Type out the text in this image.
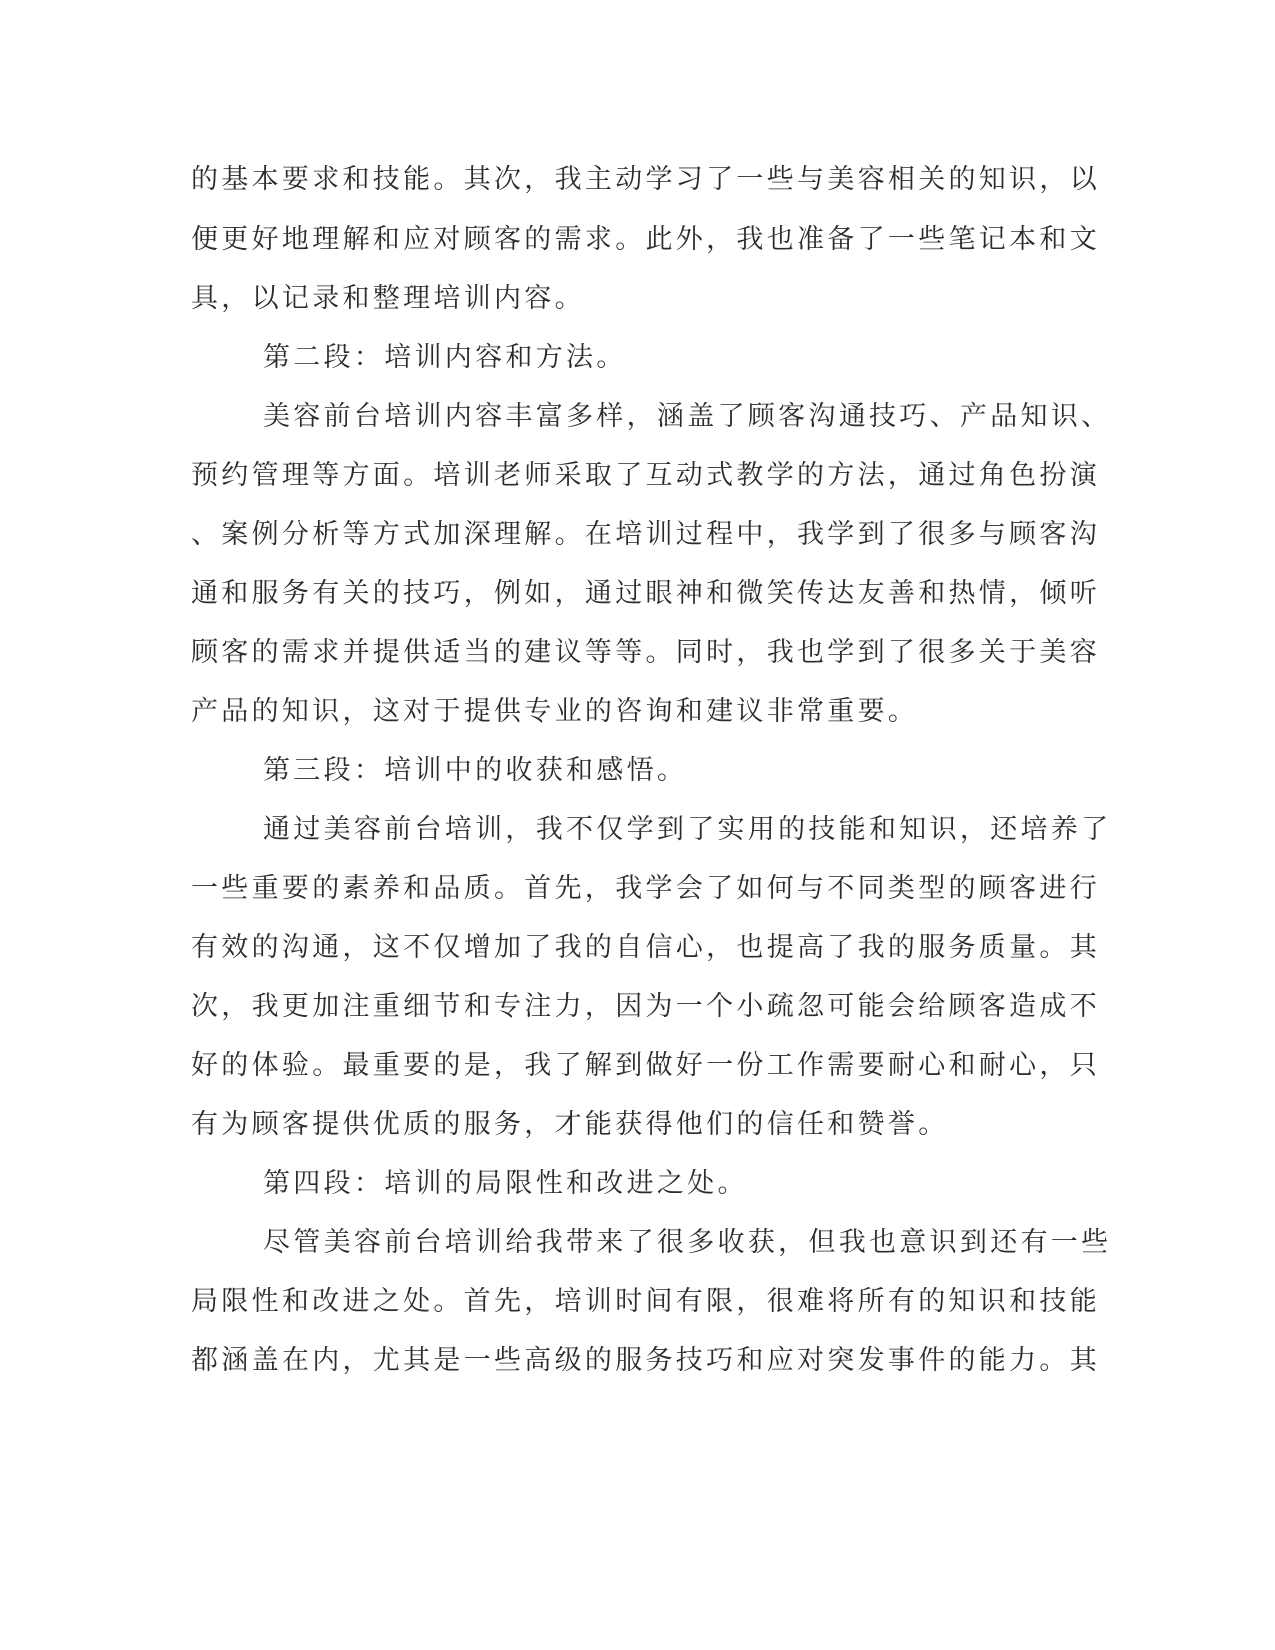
的基本要求和技能。其次，我主动学习了一些与美容相关的知识，以
便更好地理解和应对顾客的需求。此外，我也准备了一些笔记本和文
具，以记录和整理培训内容。
第二段：培训内容和方法。
美容前台培训内容丰富多样，涵盖了顾客沟通技巧、产品知识、
预约管理等方面。培训老师采取了互动式教学的方法，通过角色扮演
、案例分析等方式加深理解。在培训过程中，我学到了很多与顾客沟
通和服务有关的技巧，例如，通过眼神和微笑传达友善和热情，倾听
顾客的需求并提供适当的建议等等。同时，我也学到了很多关于美容
产品的知识，这对于提供专业的咨询和建议非常重要。
第三段：培训中的收获和感悟。
通过美容前台培训，我不仅学到了实用的技能和知识，还培养了
一些重要的素养和品质。首先，我学会了如何与不同类型的顾客进行
有效的沟通，这不仅增加了我的自信心，也提高了我的服务质量。其
次，我更加注重细节和专注力，因为一个小疏忽可能会给顾客造成不
好的体验。最重要的是，我了解到做好一份工作需要耐心和耐心，只
有为顾客提供优质的服务，才能获得他们的信任和赞誉。
第四段：培训的局限性和改进之处。
尽管美容前台培训给我带来了很多收获，但我也意识到还有一些
局限性和改进之处。首先，培训时间有限，很难将所有的知识和技能
都涵盖在内，尤其是一些高级的服务技巧和应对突发事件的能力。其
